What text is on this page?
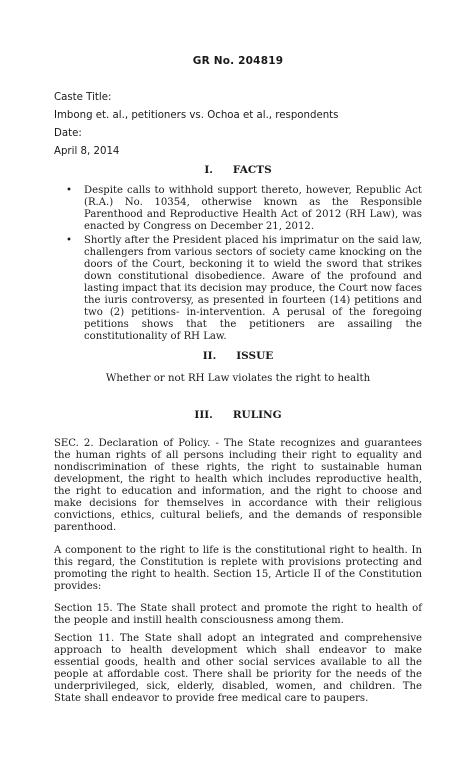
GR No. 204819
Caste Title:
Imbong et. al., petitioners vs. Ochoa et al., respondents
Date:
April 8, 2014
I. FACTS
• Despite calls to withhold support thereto, however, Republic Act (R.A.) No. 10354, otherwise known as the Responsible Parenthood and Reproductive Health Act of 2012 (RH Law), was enacted by Congress on December 21, 2012.
• Shortly after the President placed his imprimatur on the said law, challengers from various sectors of society came knocking on the doors of the Court, beckoning it to wield the sword that strikes down constitutional disobedience. Aware of the profound and lasting impact that its decision may produce, the Court now faces the iuris controversy, as presented in fourteen (14) petitions and two (2) petitions- in-intervention. A perusal of the foregoing petitions shows that the petitioners are assailing the constitutionality of RH Law.
II. ISSUE
Whether or not RH Law violates the right to health
III. RULING
SEC. 2. Declaration of Policy. - The State recognizes and guarantees the human rights of all persons including their right to equality and nondiscrimination of these rights, the right to sustainable human development, the right to health which includes reproductive health, the right to education and information, and the right to choose and make decisions for themselves in accordance with their religious convictions, ethics, cultural beliefs, and the demands of responsible parenthood.
A component to the right to life is the constitutional right to health. In this regard, the Constitution is replete with provisions protecting and promoting the right to health. Section 15, Article II of the Constitution provides:
Section 15. The State shall protect and promote the right to health of the people and instill health consciousness among them.
Section 11. The State shall adopt an integrated and comprehensive approach to health development which shall endeavor to make essential goods, health and other social services available to all the people at affordable cost. There shall be priority for the needs of the underprivileged, sick, elderly, disabled, women, and children. The State shall endeavor to provide free medical care to paupers.
